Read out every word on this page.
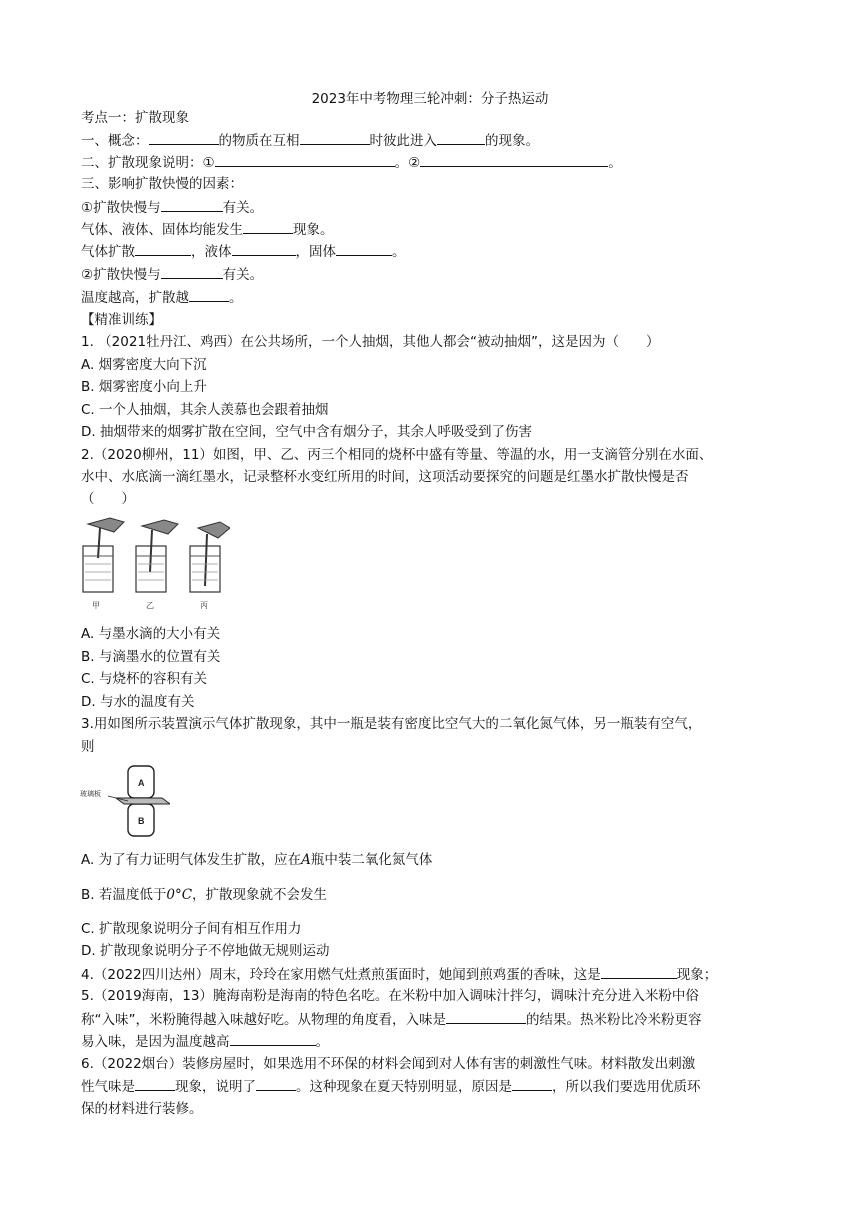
2023年中考物理三轮冲刺：分子热运动
考点一：扩散现象
一、概念：	的物质在互相	时彼此进入	的现象。
二、扩散现象说明：①	。②	。
三、影响扩散快慢的因素：
①扩散快慢与	有关。
气体、液体、固体均能发生	现象。
气体扩散	，液体	，固体	。
②扩散快慢与	有关。
温度越高，扩散越	。
【精准训练】
1. （2021牡丹江、鸡西）在公共场所，一个人抽烟，其他人都会“被动抽烟”，这是因为（　　）
A. 烟雾密度大向下沉
B. 烟雾密度小向上升
C. 一个人抽烟，其余人羡慕也会跟着抽烟
D. 抽烟带来的烟雾扩散在空间，空气中含有烟分子，其余人呼吸受到了伤害
2.（2020柳州，11）如图，甲、乙、丙三个相同的烧杯中盛有等量、等温的水，用一支滴管分别在水面、
水中、水底滴一滴红墨水，记录整杯水变红所用的时间，这项活动要探究的问题是红墨水扩散快慢是否
（　　）
甲	乙	丙
A. 与墨水滴的大小有关
B. 与滴墨水的位置有关
C. 与烧杯的容积有关
D. 与水的温度有关
3.用如图所示装置演示气体扩散现象，其中一瓶是装有密度比空气大的二氧化氮气体，另一瓶装有空气，
则
玻璃板
A
B
A. 为了有力证明气体发生扩散，应在A瓶中装二氧化氮气体
B. 若温度低于0°C，扩散现象就不会发生
C. 扩散现象说明分子间有相互作用力
D. 扩散现象说明分子不停地做无规则运动
4.（2022四川达州）周末，玲玲在家用燃气灶煮煎蛋面时，她闻到煎鸡蛋的香味，这是	现象；
5.（2019海南，13）腌海南粉是海南的特色名吃。在米粉中加入调味汁拌匀，调味汁充分进入米粉中俗
称“入味”，米粉腌得越入味越好吃。从物理的角度看，入味是	的结果。热米粉比冷米粉更容
易入味，是因为温度越高	。
6.（2022烟台）装修房屋时，如果选用不环保的材料会闻到对人体有害的刺激性气味。材料散发出刺激
性气味是	现象，说明了	。这种现象在夏天特别明显，原因是	，所以我们要选用优质环
保的材料进行装修。
